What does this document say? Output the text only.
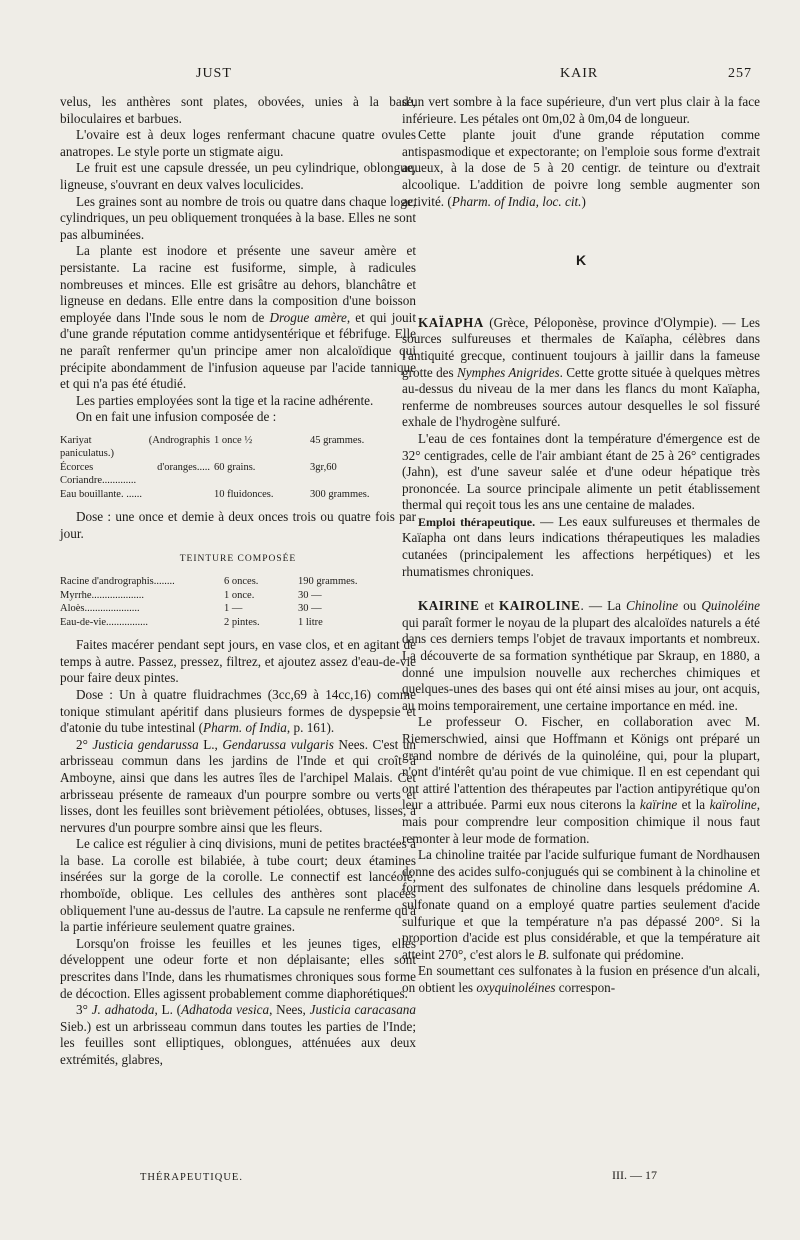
JUST	KAIR	257

velus, les anthères sont plates, obovées, unies à la base, biloculaires et barbues.

L'ovaire est à deux loges renfermant chacune quatre ovules anatropes. Le style porte un stigmate aigu.

Le fruit est une capsule dressée, un peu cylindrique, oblongue, ligneuse, s'ouvrant en deux valves loculicides.

Les graines sont au nombre de trois ou quatre dans chaque loge, cylindriques, un peu obliquement tronquées à la base. Elles ne sont pas albuminées.

La plante est inodore et présente une saveur amère et persistante. La racine est fusiforme, simple, à radicules nombreuses et minces. Elle est grisâtre au dehors, blanchâtre et ligneuse en dedans. Elle entre dans la composition d'une boisson employée dans l'Inde sous le nom de Drogue amère, et qui jouit d'une grande réputation comme antidysentérique et fébrifuge. Elle ne paraît renfermer qu'un principe amer non alcaloïdique qui précipite abondamment de l'infusion aqueuse par l'acide tannique et qui n'a pas été étudié.

Les parties employées sont la tige et la racine adhérente.

On en fait une infusion composée de :

Kariyat (Andrographis paniculatus.)	1 once ½	45 grammes.
Écorces d'oranges..... Coriandre.............	60 grains.	3gr,60
Eau bouillante. ......	10 fluidonces.	300 grammes.

Dose : une once et demie à deux onces trois ou quatre fois par jour.

TEINTURE COMPOSÉE
Racine d'andrographis........	6 onces.	190 grammes.
Myrrhe....................	1 once.	30 —
Aloès.....................	1 —	30 —
Eau-de-vie................	2 pintes.	1 litre

Faites macérer pendant sept jours, en vase clos, et en agitant de temps à autre. Passez, pressez, filtrez, et ajoutez assez d'eau-de-vie pour faire deux pintes.

Dose : Un à quatre fluidrachmes (3cc,69 à 14cc,16) comme tonique stimulant apéritif dans plusieurs formes de dyspepsie et d'atonie du tube intestinal (Pharm. of India, p. 161).

2° Justicia gendarussa L., Gendarussa vulgaris Nees. C'est un arbrisseau commun dans les jardins de l'Inde et qui croît à Amboyne, ainsi que dans les autres îles de l'archipel Malais. Cet arbrisseau présente de rameaux d'un pourpre sombre ou verts et lisses, dont les feuilles sont brièvement pétiolées, obtuses, lisses, à nervures d'un pourpre sombre ainsi que les fleurs.

Le calice est régulier à cinq divisions, muni de petites bractées à la base. La corolle est bilabiée, à tube court; deux étamines insérées sur la gorge de la corolle. Le connectif est lancéolé, rhomboïde, oblique. Les cellules des anthères sont placées obliquement l'une au-dessus de l'autre. La capsule ne renferme qu'à la partie inférieure seulement quatre graines.

Lorsqu'on froisse les feuilles et les jeunes tiges, elles développent une odeur forte et non déplaisante; elles sont prescrites dans l'Inde, dans les rhumatismes chroniques sous forme de décoction. Elles agissent probablement comme diaphorétiques.

3° J. adhatoda, L. (Adhatoda vesica, Nees, Justicia caracasana Sieb.) est un arbrisseau commun dans toutes les parties de l'Inde; les feuilles sont elliptiques, oblongues, atténuées aux deux extrémités, glabres,

d'un vert sombre à la face supérieure, d'un vert plus clair à la face inférieure. Les pétales ont 0m,02 à 0m,04 de longueur.

Cette plante jouit d'une grande réputation comme antispasmodique et expectorante; on l'emploie sous forme d'extrait aqueux, à la dose de 5 à 20 centigr. de teinture ou d'extrait alcoolique. L'addition de poivre long semble augmenter son activité. (Pharm. of India, loc. cit.)

K

KAÏAPHA (Grèce, Péloponèse, province d'Olympie). — Les sources sulfureuses et thermales de Kaïapha, célèbres dans l'antiquité grecque, continuent toujours à jaillir dans la fameuse grotte des Nymphes Anigrides. Cette grotte située à quelques mètres au-dessus du niveau de la mer dans les flancs du mont Kaïapha, renferme de nombreuses sources autour desquelles le sol fissuré exhale de l'hydrogène sulfuré.

L'eau de ces fontaines dont la température d'émergence est de 32° centigrades, celle de l'air ambiant étant de 25 à 26° centigrades (Jahn), est d'une saveur salée et d'une odeur hépatique très prononcée. La source principale alimente un petit établissement thermal qui reçoit tous les ans une centaine de malades.

Emploi thérapeutique. — Les eaux sulfureuses et thermales de Kaïapha ont dans leurs indications thérapeutiques les maladies cutanées (principalement les affections herpétiques) et les rhumatismes chroniques.

KAIRINE et KAIROLINE. — La Chinoline ou Quinoléine qui paraît former le noyau de la plupart des alcaloïdes naturels a été dans ces derniers temps l'objet de travaux importants et nombreux. La découverte de sa formation synthétique par Skraup, en 1880, a donné une impulsion nouvelle aux recherches chimiques et quelques-unes des bases qui ont été ainsi mises au jour, ont acquis, au moins temporairement, une certaine importance en méd. ine.

Le professeur O. Fischer, en collaboration avec M. Riemerschwied, ainsi que Hoffmann et Königs ont préparé un grand nombre de dérivés de la quinoléine, qui, pour la plupart, n'ont d'intérêt qu'au point de vue chimique. Il en est cependant qui ont attiré l'attention des thérapeutes par l'action antipyrétique qu'on leur a attribuée. Parmi eux nous citerons la kaïrine et la kaïroline, mais pour comprendre leur composition chimique il nous faut remonter à leur mode de formation.

La chinoline traitée par l'acide sulfurique fumant de Nordhausen donne des acides sulfo-conjugués qui se combinent à la chinoline et forment des sulfonates de chinoline dans lesquels prédomine A. sulfonate quand on a employé quatre parties seulement d'acide sulfurique et que la température n'a pas dépassé 200°. Si la proportion d'acide est plus considérable, et que la température ait atteint 270°, c'est alors le B. sulfonate qui prédomine.

En soumettant ces sulfonates à la fusion en présence d'un alcali, on obtient les oxyquinoléines correspon-

THÉRAPEUTIQUE.	III. — 17
